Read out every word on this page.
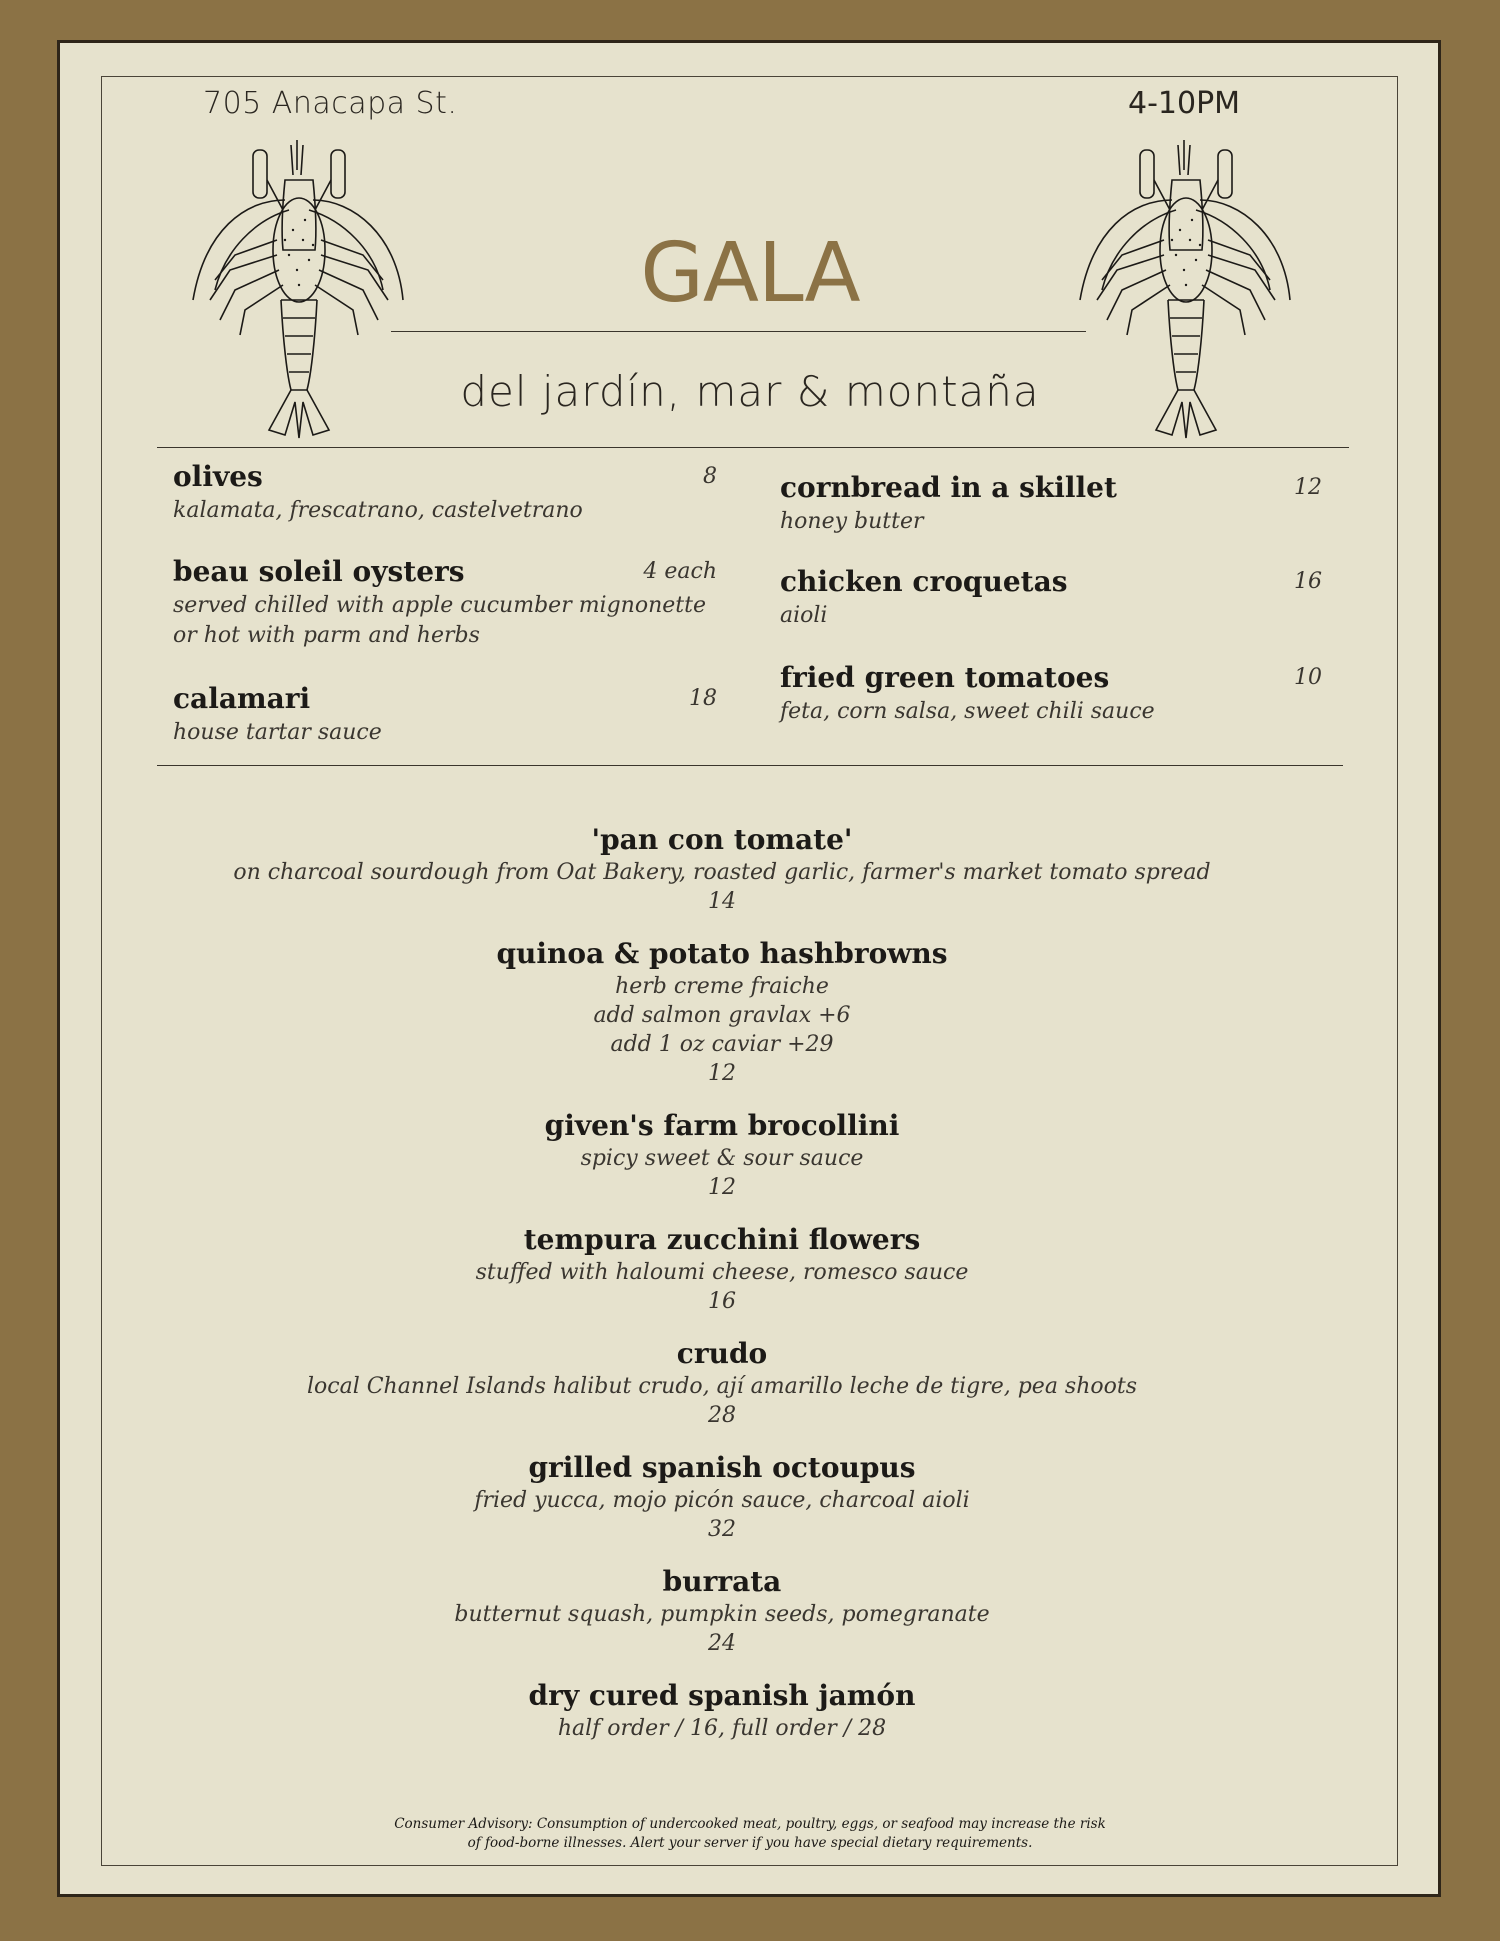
705 Anacapa St.	4-10PM
GALA
del jardín, mar & montaña
olives	8
kalamata, frescatrano, castelvetrano
beau soleil oysters	4 each
served chilled with apple cucumber mignonette
or hot with parm and herbs
calamari	18
house tartar sauce
cornbread in a skillet	12
honey butter
chicken croquetas	16
aioli
fried green tomatoes	10
feta, corn salsa, sweet chili sauce
'pan con tomate'
on charcoal sourdough from Oat Bakery, roasted garlic, farmer's market tomato spread
14
quinoa & potato hashbrowns
herb creme fraiche
add salmon gravlax +6
add 1 oz caviar +29
12
given's farm brocollini
spicy sweet & sour sauce
12
tempura zucchini flowers
stuffed with haloumi cheese, romesco sauce
16
crudo
local Channel Islands halibut crudo, ají amarillo leche de tigre, pea shoots
28
grilled spanish octoupus
fried yucca, mojo picón sauce, charcoal aioli
32
burrata
butternut squash, pumpkin seeds, pomegranate
24
dry cured spanish jamón
half order / 16, full order / 28
Consumer Advisory: Consumption of undercooked meat, poultry, eggs, or seafood may increase the risk
of food-borne illnesses. Alert your server if you have special dietary requirements.
